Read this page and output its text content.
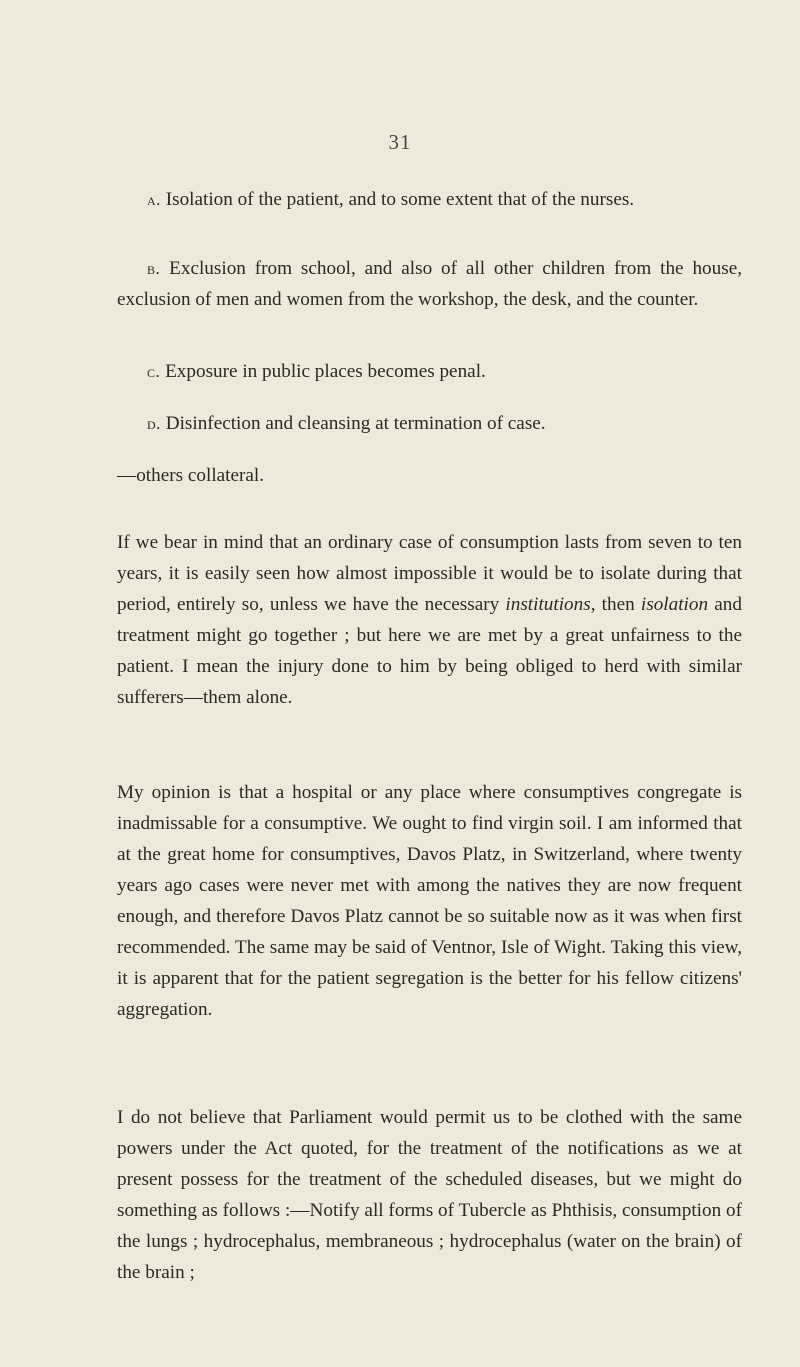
31
a. Isolation of the patient, and to some extent that of the nurses.
b. Exclusion from school, and also of all other children from the house, exclusion of men and women from the workshop, the desk, and the counter.
c. Exposure in public places becomes penal.
d. Disinfection and cleansing at termination of case.
—others collateral.
If we bear in mind that an ordinary case of consumption lasts from seven to ten years, it is easily seen how almost impossible it would be to isolate during that period, entirely so, unless we have the necessary institutions, then isolation and treatment might go together ; but here we are met by a great unfairness to the patient. I mean the injury done to him by being obliged to herd with similar sufferers—them alone.
My opinion is that a hospital or any place where consumptives congregate is inadmissable for a consumptive. We ought to find virgin soil. I am informed that at the great home for consumptives, Davos Platz, in Switzerland, where twenty years ago cases were never met with among the natives they are now frequent enough, and therefore Davos Platz cannot be so suitable now as it was when first recommended. The same may be said of Ventnor, Isle of Wight. Taking this view, it is apparent that for the patient segregation is the better for his fellow citizens' aggregation.
I do not believe that Parliament would permit us to be clothed with the same powers under the Act quoted, for the treatment of the notifications as we at present possess for the treatment of the scheduled diseases, but we might do something as follows :—Notify all forms of Tubercle as Phthisis, consumption of the lungs ; hydrocephalus, membraneous ; hydrocephalus (water on the brain) of the brain ;
